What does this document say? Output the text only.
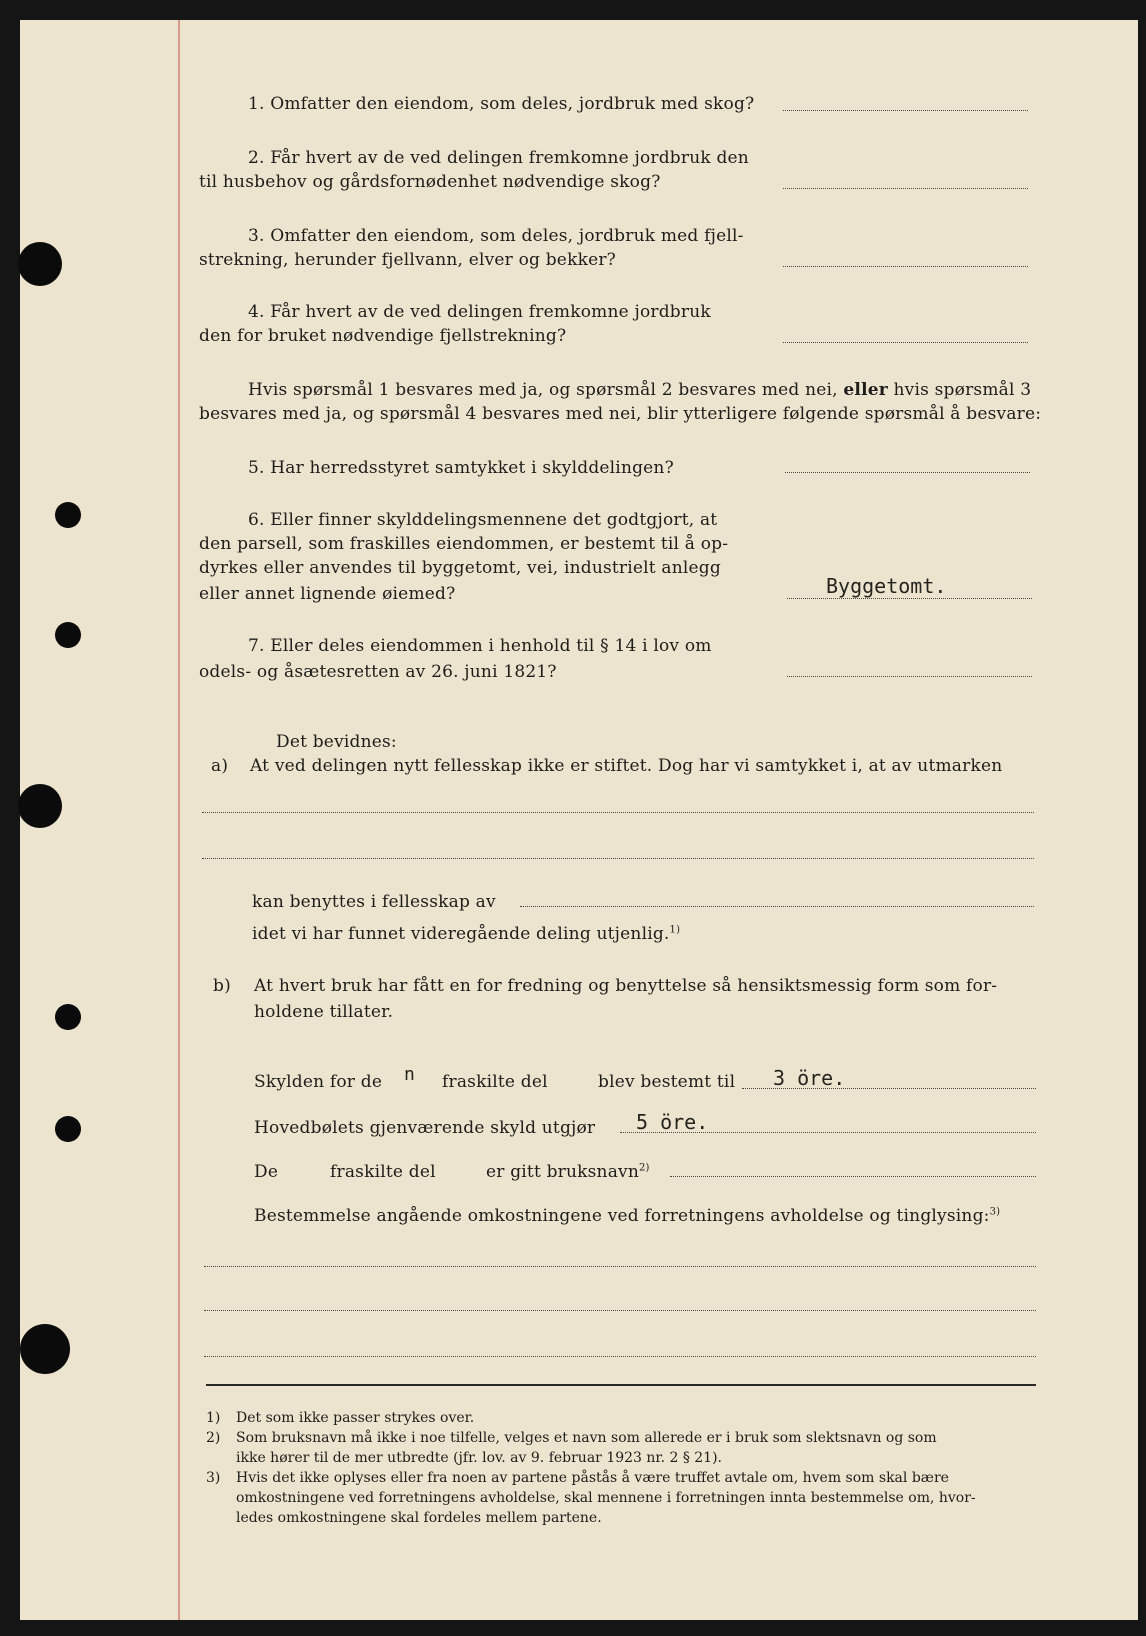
1. Omfatter den eiendom, som deles, jordbruk med skog?
2. Får hvert av de ved delingen fremkomne jordbruk den
til husbehov og gårdsfornødenhet nødvendige skog?
3. Omfatter den eiendom, som deles, jordbruk med fjell-
strekning, herunder fjellvann, elver og bekker?
4. Får hvert av de ved delingen fremkomne jordbruk
den for bruket nødvendige fjellstrekning?
Hvis spørsmål 1 besvares med ja, og spørsmål 2 besvares med nei, eller hvis spørsmål 3
besvares med ja, og spørsmål 4 besvares med nei, blir ytterligere følgende spørsmål å besvare:
5. Har herredsstyret samtykket i skylddelingen?
6. Eller finner skylddelingsmennene det godtgjort, at
den parsell, som fraskilles eiendommen, er bestemt til å op-
dyrkes eller anvendes til byggetomt, vei, industrielt anlegg
eller annet lignende øiemed?	Byggetomt.
7. Eller deles eiendommen i henhold til § 14 i lov om
odels- og åsætesretten av 26. juni 1821?
Det bevidnes:
a) At ved delingen nytt fellesskap ikke er stiftet. Dog har vi samtykket i, at av utmarken
kan benyttes i fellesskap av
idet vi har funnet videregående deling utjenlig.$^{1)}$
b) At hvert bruk har fått en for fredning og benyttelse så hensiktsmessig form som for-
holdene tillater.
Skylden for de n fraskilte del	blev bestemt til 3 öre.
Hovedbølets gjenværende skyld utgjør 5 öre.
De	fraskilte del	er gitt bruksnavn$^{2)}$
Bestemmelse angående omkostningene ved forretningens avholdelse og tinglysing:$^{3)}$
1) Det som ikke passer strykes over.
2) Som bruksnavn må ikke i noe tilfelle, velges et navn som allerede er i bruk som slektsnavn og som
ikke hører til de mer utbredte (jfr. lov. av 9. februar 1923 nr. 2 § 21).
3) Hvis det ikke oplyses eller fra noen av partene påstås å være truffet avtale om, hvem som skal bære
omkostningene ved forretningens avholdelse, skal mennene i forretningen innta bestemmelse om, hvor-
ledes omkostningene skal fordeles mellem partene.
